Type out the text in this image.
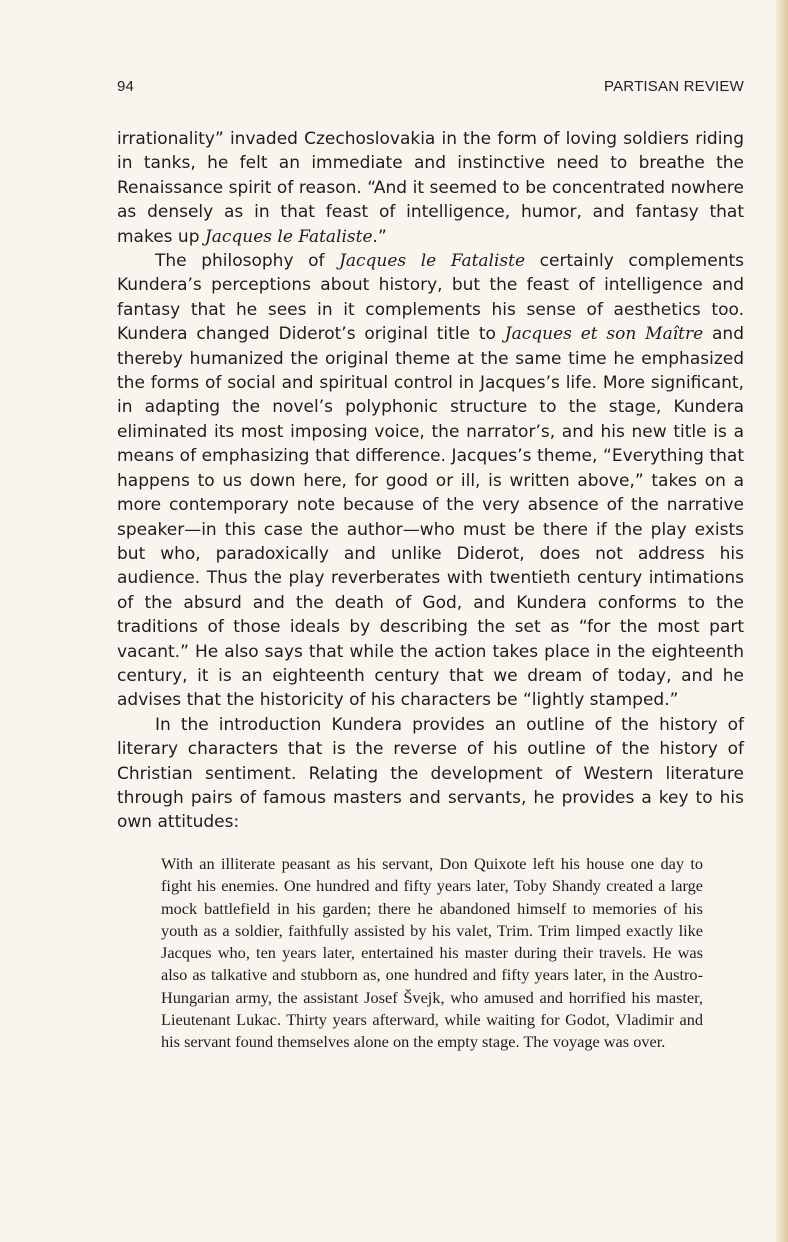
94	PARTISAN REVIEW

irrationality” invaded Czechoslovakia in the form of loving soldiers riding in tanks, he felt an immediate and instinctive need to breathe the Renaissance spirit of reason. “And it seemed to be concentrated nowhere as densely as in that feast of intelligence, humor, and fantasy that makes up Jacques le Fataliste.”

The philosophy of Jacques le Fataliste certainly complements Kundera’s perceptions about history, but the feast of intelligence and fantasy that he sees in it complements his sense of aesthetics too. Kundera changed Diderot’s original title to Jacques et son Maître and thereby humanized the original theme at the same time he emphasized the forms of social and spiritual control in Jacques’s life. More significant, in adapting the novel’s polyphonic structure to the stage, Kundera eliminated its most imposing voice, the narrator’s, and his new title is a means of emphasizing that difference. Jacques’s theme, “Everything that happens to us down here, for good or ill, is written above,” takes on a more contemporary note because of the very absence of the narrative speaker—in this case the author—who must be there if the play exists but who, paradoxically and unlike Diderot, does not address his audience. Thus the play reverberates with twentieth century intimations of the absurd and the death of God, and Kundera conforms to the traditions of those ideals by describing the set as “for the most part vacant.” He also says that while the action takes place in the eighteenth century, it is an eighteenth century that we dream of today, and he advises that the historicity of his characters be “lightly stamped.”

In the introduction Kundera provides an outline of the history of literary characters that is the reverse of his outline of the history of Christian sentiment. Relating the development of Western literature through pairs of famous masters and servants, he provides a key to his own attitudes:

With an illiterate peasant as his servant, Don Quixote left his house one day to fight his enemies. One hundred and fifty years later, Toby Shandy created a large mock battlefield in his garden; there he abandoned himself to memories of his youth as a soldier, faithfully assisted by his valet, Trim. Trim limped exactly like Jacques who, ten years later, entertained his master during their travels. He was also as talkative and stubborn as, one hundred and fifty years later, in the Austro-Hungarian army, the assistant Josef Švejk, who amused and horrified his master, Lieutenant Lukac. Thirty years afterward, while waiting for Godot, Vladimir and his servant found themselves alone on the empty stage. The voyage was over.
